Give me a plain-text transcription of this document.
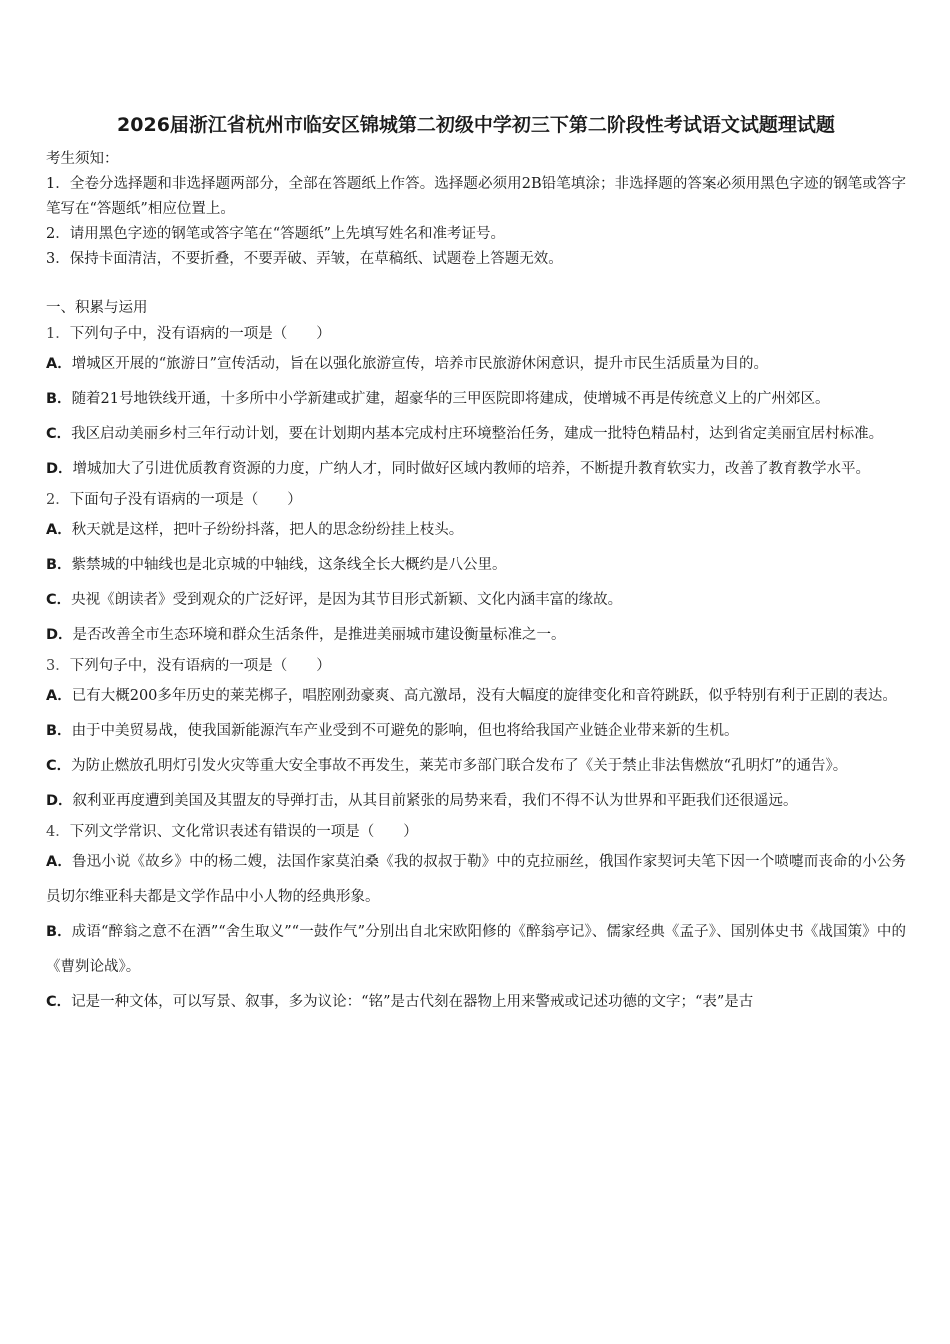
2026届浙江省杭州市临安区锦城第二初级中学初三下第二阶段性考试语文试题理试题
考生须知：
1．全卷分选择题和非选择题两部分，全部在答题纸上作答。选择题必须用2B铅笔填涂；非选择题的答案必须用黑色字迹的钢笔或答字笔写在“答题纸”相应位置上。
2．请用黑色字迹的钢笔或答字笔在“答题纸”上先填写姓名和准考证号。
3．保持卡面清洁，不要折叠，不要弄破、弄皱，在草稿纸、试题卷上答题无效。
一、积累与运用
1．下列句子中，没有语病的一项是（　　）
A．增城区开展的“旅游日”宣传活动，旨在以强化旅游宣传，培养市民旅游休闲意识，提升市民生活质量为目的。
B．随着21号地铁线开通，十多所中小学新建或扩建，超豪华的三甲医院即将建成，使增城不再是传统意义上的广州郊区。
C．我区启动美丽乡村三年行动计划，要在计划期内基本完成村庄环境整治任务，建成一批特色精品村，达到省定美丽宜居村标准。
D．增城加大了引进优质教育资源的力度，广纳人才，同时做好区域内教师的培养，不断提升教育软实力，改善了教育教学水平。
2．下面句子没有语病的一项是（　　）
A．秋天就是这样，把叶子纷纷抖落，把人的思念纷纷挂上枝头。
B．紫禁城的中轴线也是北京城的中轴线，这条线全长大概约是八公里。
C．央视《朗读者》受到观众的广泛好评，是因为其节目形式新颖、文化内涵丰富的缘故。
D．是否改善全市生态环境和群众生活条件，是推进美丽城市建设衡量标准之一。
3．下列句子中，没有语病的一项是（　　）
A．已有大概200多年历史的莱芜梆子，唱腔刚劲豪爽、高亢激昂，没有大幅度的旋律变化和音符跳跃，似乎特别有利于正剧的表达。
B．由于中美贸易战，使我国新能源汽车产业受到不可避免的影响，但也将给我国产业链企业带来新的生机。
C．为防止燃放孔明灯引发火灾等重大安全事故不再发生，莱芜市多部门联合发布了《关于禁止非法售燃放“孔明灯”的通告》。
D．叙利亚再度遭到美国及其盟友的导弹打击，从其目前紧张的局势来看，我们不得不认为世界和平距我们还很遥远。
4．下列文学常识、文化常识表述有错误的一项是（　　）
A．鲁迅小说《故乡》中的杨二嫂，法国作家莫泊桑《我的叔叔于勒》中的克拉丽丝，俄国作家契诃夫笔下因一个喷嚏而丧命的小公务员切尔维亚科夫都是文学作品中小人物的经典形象。
B．成语“醉翁之意不在酒”“舍生取义”“一鼓作气”分别出自北宋欧阳修的《醉翁亭记》、儒家经典《孟子》、国别体史书《战国策》中的《曹刿论战》。
C．记是一种文体，可以写景、叙事，多为议论：“铭”是古代刻在器物上用来警戒或记述功德的文字；“表”是古
